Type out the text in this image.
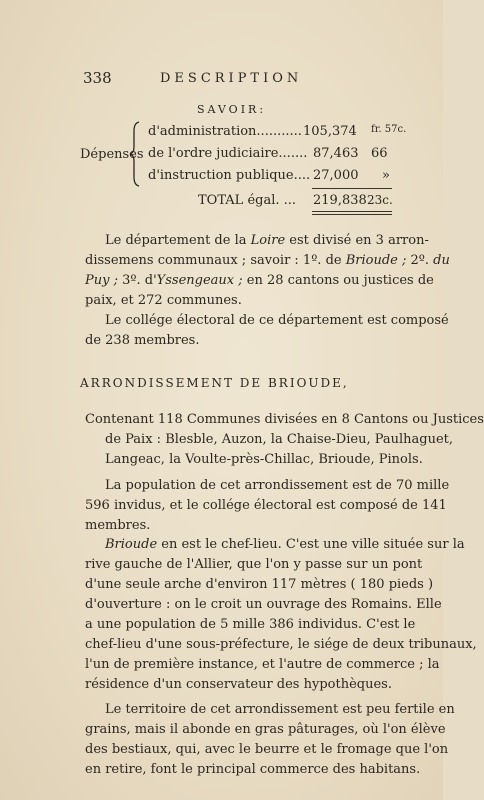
338	DESCRIPTION
SAVOIR:
Dépenses
d'administration........... 105,374 fr. 57c.
de l'ordre judiciaire....... 87,463 66
d'instruction publique.... 27,000 »
TOTAL égal. ... 219,838 23c.
Le département de la Loire est divisé en 3 arron-
dissemens communaux ; savoir : 1º. de Brioude ; 2º. du
Puy ; 3º. d'Yssengeaux ; en 28 cantons ou justices de
paix, et 272 communes.
Le collége électoral de ce département est composé
de 238 membres.
ARRONDISSEMENT DE BRIOUDE,
Contenant 118 Communes divisées en 8 Cantons ou Justices
de Paix : Blesble, Auzon, la Chaise-Dieu, Paulhaguet,
Langeac, la Voulte-près-Chillac, Brioude, Pinols.
La population de cet arrondissement est de 70 mille
596 invidus, et le collége électoral est composé de 141
membres.
Brioude en est le chef-lieu. C'est une ville située sur la
rive gauche de l'Allier, que l'on y passe sur un pont
d'une seule arche d'environ 117 mètres ( 180 pieds )
d'ouverture : on le croit un ouvrage des Romains. Elle
a une population de 5 mille 386 individus. C'est le
chef-lieu d'une sous-préfecture, le siége de deux tribunaux,
l'un de première instance, et l'autre de commerce ; la
résidence d'un conservateur des hypothèques.
Le territoire de cet arrondissement est peu fertile en
grains, mais il abonde en gras pâturages, où l'on élève
des bestiaux, qui, avec le beurre et le fromage que l'on
en retire, font le principal commerce des habitans.
